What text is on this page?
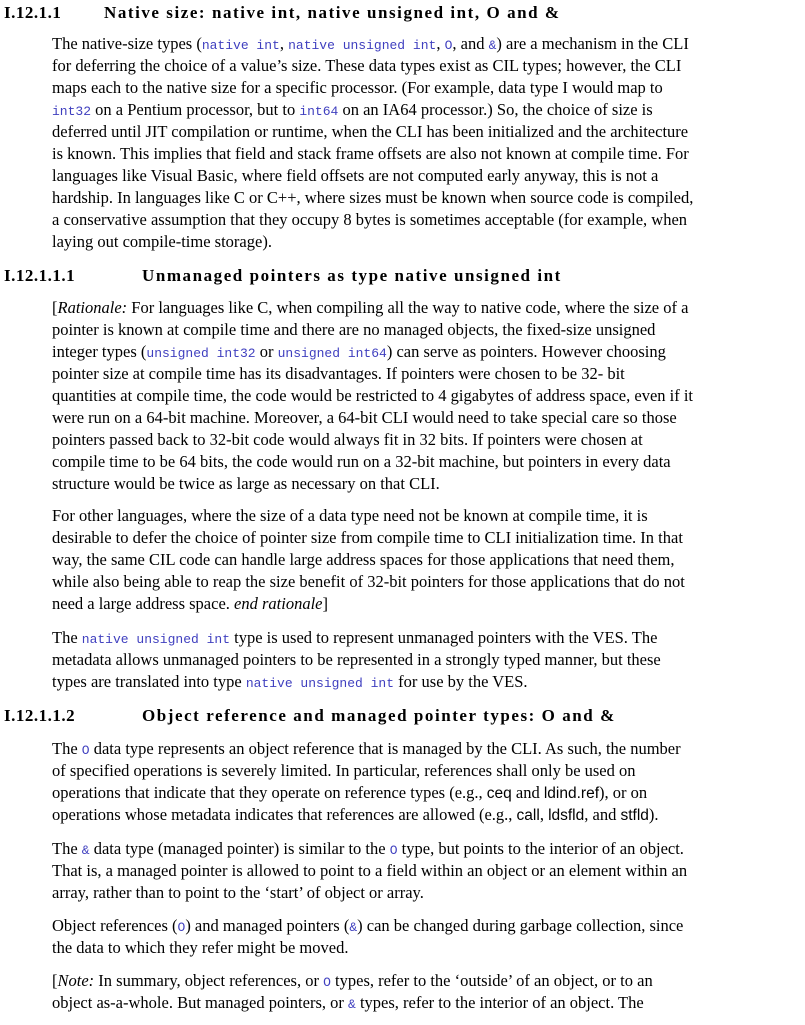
I.12.1.1	Native size: native int, native unsigned int, O and &
The native-size types (native int, native unsigned int, O, and &) are a mechanism in the CLI
for deferring the choice of a value’s size. These data types exist as CIL types; however, the CLI
maps each to the native size for a specific processor. (For example, data type I would map to
int32 on a Pentium processor, but to int64 on an IA64 processor.) So, the choice of size is
deferred until JIT compilation or runtime, when the CLI has been initialized and the architecture
is known. This implies that field and stack frame offsets are also not known at compile time. For
languages like Visual Basic, where field offsets are not computed early anyway, this is not a
hardship. In languages like C or C++, where sizes must be known when source code is compiled,
a conservative assumption that they occupy 8 bytes is sometimes acceptable (for example, when
laying out compile-time storage).
I.12.1.1.1	Unmanaged pointers as type native unsigned int
[Rationale: For languages like C, when compiling all the way to native code, where the size of a
pointer is known at compile time and there are no managed objects, the fixed-size unsigned
integer types (unsigned int32 or unsigned int64) can serve as pointers. However choosing
pointer size at compile time has its disadvantages. If pointers were chosen to be 32- bit
quantities at compile time, the code would be restricted to 4 gigabytes of address space, even if it
were run on a 64-bit machine. Moreover, a 64-bit CLI would need to take special care so those
pointers passed back to 32-bit code would always fit in 32 bits. If pointers were chosen at
compile time to be 64 bits, the code would run on a 32-bit machine, but pointers in every data
structure would be twice as large as necessary on that CLI.
For other languages, where the size of a data type need not be known at compile time, it is
desirable to defer the choice of pointer size from compile time to CLI initialization time. In that
way, the same CIL code can handle large address spaces for those applications that need them,
while also being able to reap the size benefit of 32-bit pointers for those applications that do not
need a large address space. end rationale]
The native unsigned int type is used to represent unmanaged pointers with the VES. The
metadata allows unmanaged pointers to be represented in a strongly typed manner, but these
types are translated into type native unsigned int for use by the VES.
I.12.1.1.2	Object reference and managed pointer types: O and &
The O data type represents an object reference that is managed by the CLI. As such, the number
of specified operations is severely limited. In particular, references shall only be used on
operations that indicate that they operate on reference types (e.g., ceq and ldind.ref), or on
operations whose metadata indicates that references are allowed (e.g., call, ldsfld, and stfld).
The & data type (managed pointer) is similar to the O type, but points to the interior of an object.
That is, a managed pointer is allowed to point to a field within an object or an element within an
array, rather than to point to the ‘start’ of object or array.
Object references (O) and managed pointers (&) can be changed during garbage collection, since
the data to which they refer might be moved.
[Note: In summary, object references, or O types, refer to the ‘outside’ of an object, or to an
object as-a-whole. But managed pointers, or & types, refer to the interior of an object. The
